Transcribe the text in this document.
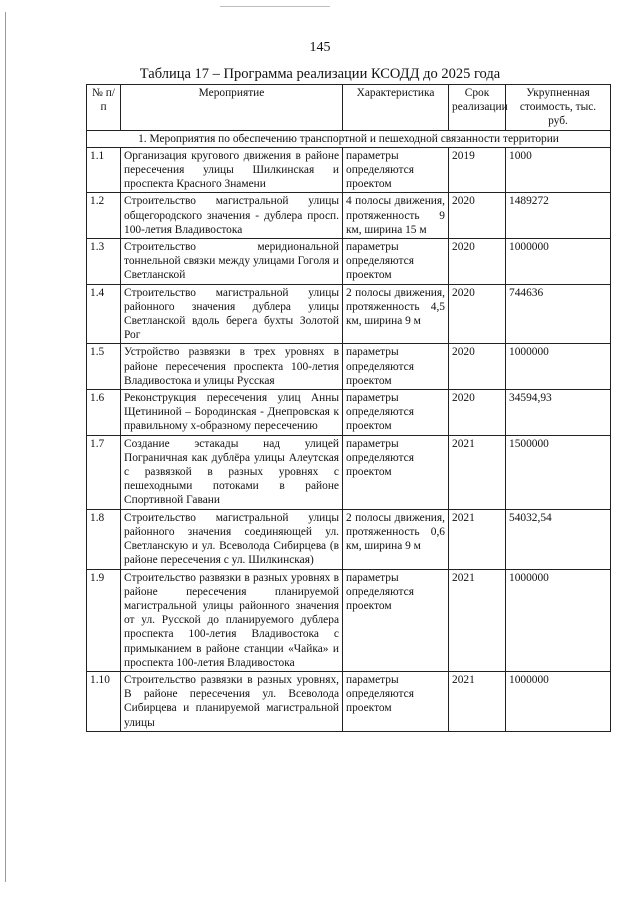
145
Таблица 17 – Программа реализации КСОДД до 2025 года
№ п/п	Мероприятие	Характеристика	Срок реализации	Укрупненная стоимость, тыс. руб.
1. Мероприятия по обеспечению транспортной и пешеходной связанности территории				
1.1	Организация кругового движения в районе пересечения улицы Шилкинская и проспекта Красного Знамени	параметры определяются проектом	2019	1000
1.2	Строительство магистральной улицы общегородского значения - дублера просп. 100-летия Владивостока	4 полосы движения, протяженность 9 км, ширина 15 м	2020	1489272
1.3	Строительство меридиональной тоннельной связки между улицами Гоголя и Светланской	параметры определяются проектом	2020	1000000
1.4	Строительство магистральной улицы районного значения дублера улицы Светланской вдоль берега бухты Золотой Рог	2 полосы движения, протяженность 4,5 км, ширина 9 м	2020	744636
1.5	Устройство развязки в трех уровнях в районе пересечения проспекта 100-летия Владивостока и улицы Русская	параметры определяются проектом	2020	1000000
1.6	Реконструкция пересечения улиц Анны Щетининой – Бородинская - Днепровская к правильному х-образному пересечению	параметры определяются проектом	2020	34594,93
1.7	Создание эстакады над улицей Пограничная как дублёра улицы Алеутская с развязкой в разных уровнях с пешеходными потоками в районе Спортивной Гавани	параметры определяются проектом	2021	1500000
1.8	Строительство магистральной улицы районного значения соединяющей ул. Светланскую и ул. Всеволода Сибирцева (в районе пересечения с ул. Шилкинская)	2 полосы движения, протяженность 0,6 км, ширина 9 м	2021	54032,54
1.9	Строительство развязки в разных уровнях в районе пересечения планируемой магистральной улицы районного значения от ул. Русской до планируемого дублера проспекта 100-летия Владивостока с примыканием в районе станции «Чайка» и проспекта 100-летия Владивостока	параметры определяются проектом	2021	1000000
1.10	Строительство развязки в разных уровнях, В районе пересечения ул. Всеволода Сибирцева и планируемой магистральной улицы	параметры определяются проектом	2021	1000000
